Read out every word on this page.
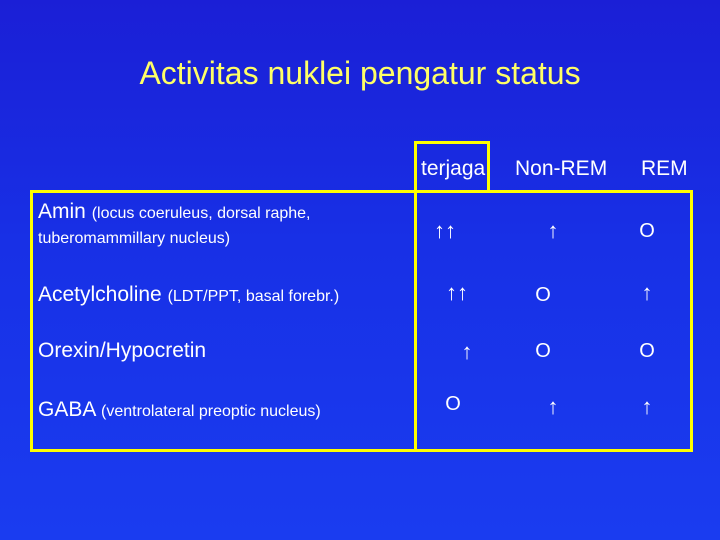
Activitas nuklei pengatur status
terjaga Non-REM REM
Amin (locus coeruleus, dorsal raphe,
tuberomammillary nucleus)	↑↑	↑	O
Acetylcholine (LDT/PPT, basal forebr.)	↑↑	O	↑
Orexin/Hypocretin	↑	O	O
GABA (ventrolateral preoptic nucleus)	O	↑	↑
